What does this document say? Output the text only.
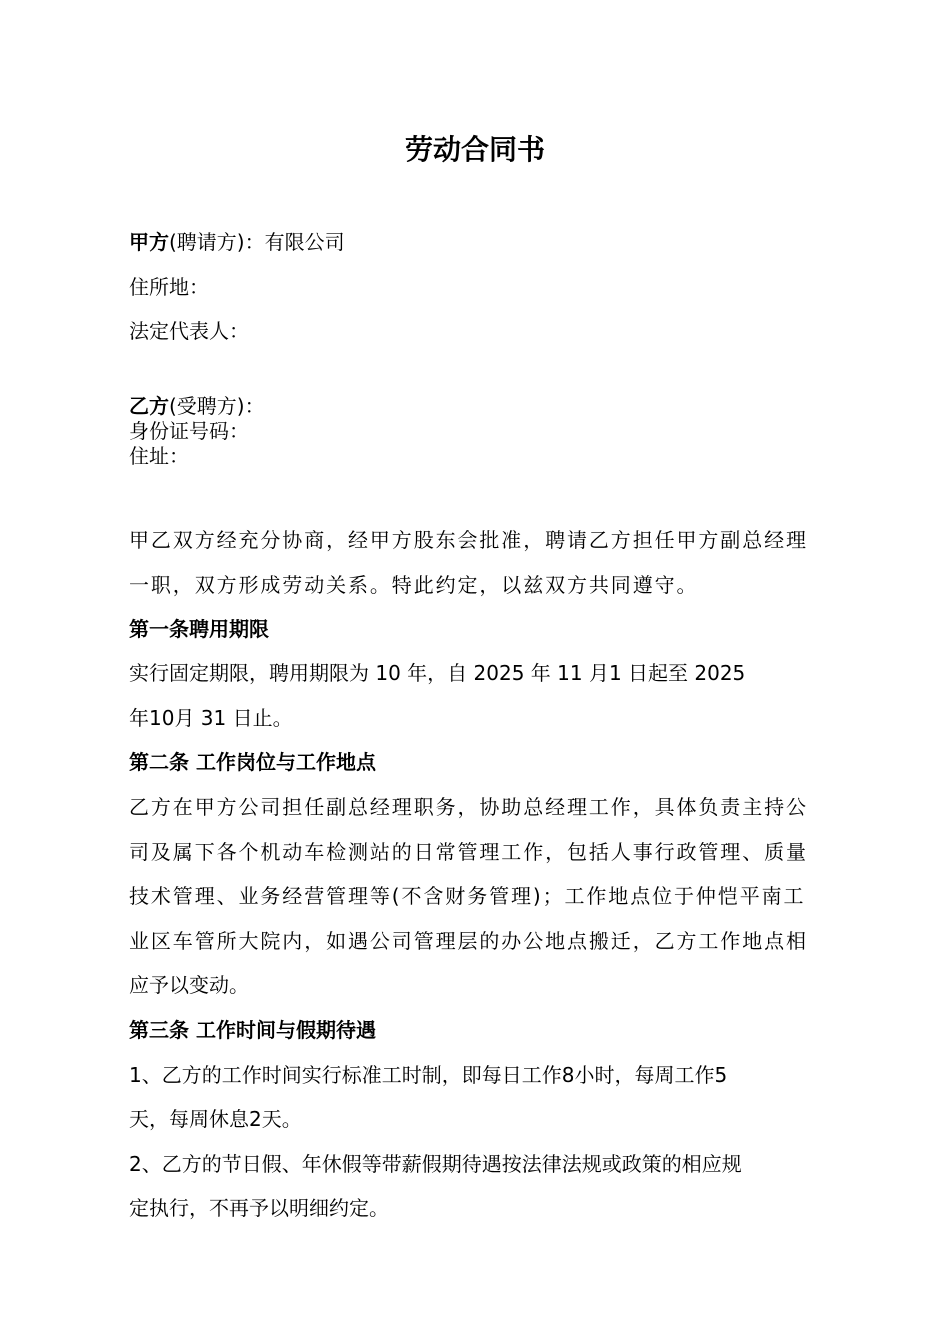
劳动合同书
甲方(聘请方)：有限公司
住所地：
法定代表人：
乙方(受聘方)：
身份证号码：
住址：
甲乙双方经充分协商，经甲方股东会批准，聘请乙方担任甲方副总经理
一职，双方形成劳动关系。特此约定，以兹双方共同遵守。
第一条聘用期限
实行固定期限，聘用期限为 10 年，自 2025 年 11 月1 日起至 2025
年10月 31 日止。
第二条 工作岗位与工作地点
乙方在甲方公司担任副总经理职务，协助总经理工作，具体负责主持公
司及属下各个机动车检测站的日常管理工作，包括人事行政管理、质量
技术管理、业务经营管理等(不含财务管理)；工作地点位于仲恺平南工
业区车管所大院内，如遇公司管理层的办公地点搬迁，乙方工作地点相
应予以变动。
第三条 工作时间与假期待遇
1、乙方的工作时间实行标准工时制，即每日工作8小时，每周工作5
天，每周休息2天。
2、乙方的节日假、年休假等带薪假期待遇按法律法规或政策的相应规
定执行，不再予以明细约定。
